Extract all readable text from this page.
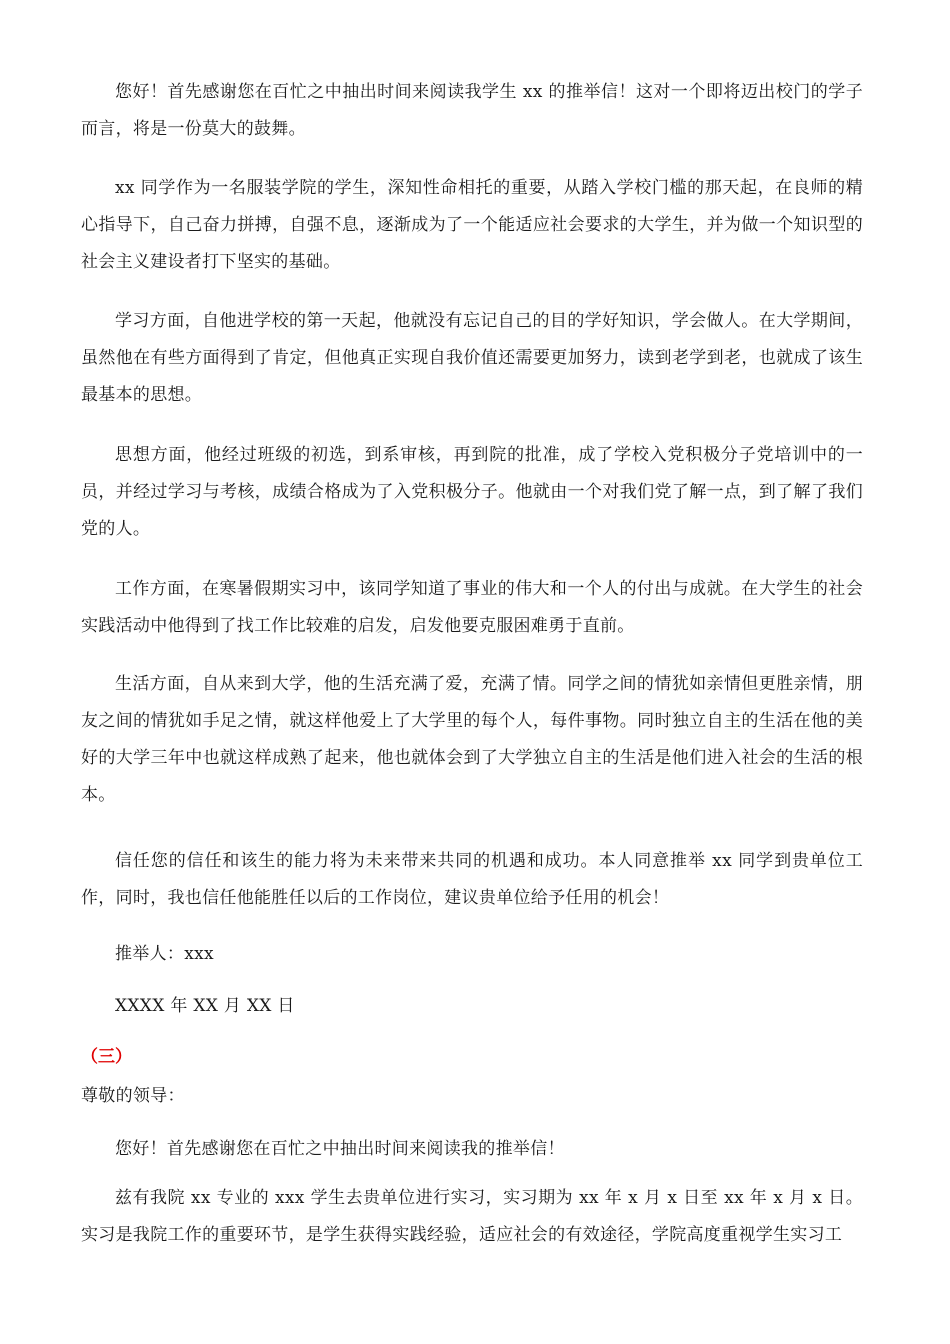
您好！首先感谢您在百忙之中抽出时间来阅读我学生 xx 的推举信！这对一个即将迈出校门的学子而言，将是一份莫大的鼓舞。

xx 同学作为一名服装学院的学生，深知性命相托的重要，从踏入学校门槛的那天起，在良师的精心指导下，自己奋力拼搏，自强不息，逐渐成为了一个能适应社会要求的大学生，并为做一个知识型的社会主义建设者打下坚实的基础。

学习方面，自他进学校的第一天起，他就没有忘记自己的目的学好知识，学会做人。在大学期间，虽然他在有些方面得到了肯定，但他真正实现自我价值还需要更加努力，读到老学到老，也就成了该生最基本的思想。

思想方面，他经过班级的初选，到系审核，再到院的批准，成了学校入党积极分子党培训中的一员，并经过学习与考核，成绩合格成为了入党积极分子。他就由一个对我们党了解一点，到了解了我们党的人。

工作方面，在寒暑假期实习中，该同学知道了事业的伟大和一个人的付出与成就。在大学生的社会实践活动中他得到了找工作比较难的启发，启发他要克服困难勇于直前。

生活方面，自从来到大学，他的生活充满了爱，充满了情。同学之间的情犹如亲情但更胜亲情，朋友之间的情犹如手足之情，就这样他爱上了大学里的每个人，每件事物。同时独立自主的生活在他的美好的大学三年中也就这样成熟了起来，他也就体会到了大学独立自主的生活是他们进入社会的生活的根本。

信任您的信任和该生的能力将为未来带来共同的机遇和成功。本人同意推举 xx 同学到贵单位工作，同时，我也信任他能胜任以后的工作岗位，建议贵单位给予任用的机会！

推举人：xxx

XXXX 年 XX 月 XX 日

（三）

尊敬的领导：

您好！首先感谢您在百忙之中抽出时间来阅读我的推举信！

兹有我院 xx 专业的 xxx 学生去贵单位进行实习，实习期为 xx 年 x 月 x 日至 xx 年 x 月 x 日。实习是我院工作的重要环节，是学生获得实践经验，适应社会的有效途径，学院高度重视学生实习工
